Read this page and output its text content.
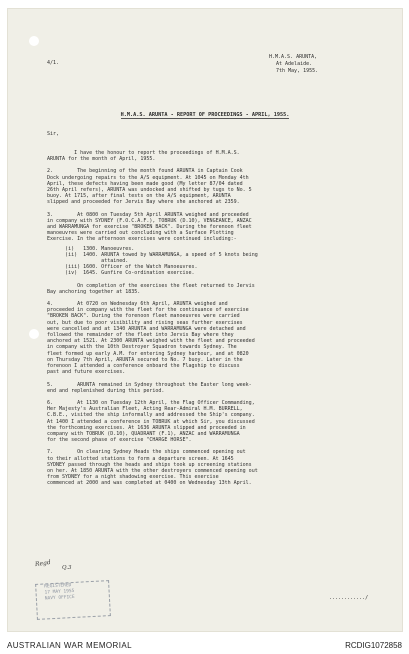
4/1.
H.M.A.S. ARUNTA,
At Adelaide.
7th May, 1955.
H.M.A.S. ARUNTA - REPORT OF PROCEEDINGS - APRIL, 1955.
Sir,
I have the honour to report the proceedings of H.M.A.S.
ARUNTA for the month of April, 1955.
2.        The beginning of the month found ARUNTA in Captain Cook
Dock undergoing repairs to the A/S equipment. At 1045 on Monday 4th
April, these defects having been made good (My letter 87/04 dated
26th April refers), ARUNTA was undocked and shifted by tugs to No. 5
buoy. At 1715, after final tests on the A/S equipment, ARUNTA
slipped and proceeded for Jervis Bay where she anchored at 2359.
3.        At 0800 on Tuesday 5th April ARUNTA weighed and proceeded
in company with SYDNEY (F.O.C.A.F.), TOBRUK (D.10), VENGEANCE, ANZAC
and WARRAMUNGA for exercise "BROKEN BACK". During the forenoon fleet
manoeuvres were carried out concluding with a Surface Plotting
Exercise. In the afternoon exercises were continued including:-
(i)   1300. Manoeuvres.
(ii)  1400. ARUNTA towed by WARRAMUNGA, a speed of 5 knots being
attained.
(iii) 1600. Officer of the Watch Manoeuvres.
(iv)  1645. Gunfire Co-ordination exercise.
On completion of the exercises the fleet returned to Jervis
Bay anchoring together at 1835.
4.        At 0720 on Wednesday 6th April, ARUNTA weighed and
proceeded in company with the fleet for the continuance of exercise
"BROKEN BACK". During the forenoon fleet manoeuvres were carried
out, but due to poor visibility and rising seas further exercises
were cancelled and at 1340 ARUNTA and WARRAMUNGA were detached and
followed the remainder of the fleet into Jervis Bay where they
anchored at 1521. At 2300 ARUNTA weighed with the fleet and proceeded
in company with the 10th Destroyer Squadron towards Sydney. The
fleet formed up early A.M. for entering Sydney harbour, and at 0820
on Thursday 7th April, ARUNTA secured to No. 7 buoy. Later in the
forenoon I attended a conference onboard the Flagship to discuss
past and future exercises.
5.        ARUNTA remained in Sydney throughout the Easter long week-
end and replenished during this period.
6.        At 1130 on Tuesday 12th April, the Flag Officer Commanding,
Her Majesty's Australian Fleet, Acting Rear-Admiral H.M. BURRELL,
C.B.E., visited the ship informally and addressed the Ship's company.
At 1400 I attended a conference in TOBRUK at which Sir, you discussed
the forthcoming exercises. At 1636 ARUNTA slipped and proceeded in
company with TOBRUK (D.10), QUADRANT (F.1), ANZAC and WARRAMUNGA
for the second phase of exercise "CHARGE HORSE".
7.        On clearing Sydney Heads the ships commenced opening out
to their allotted stations to form a departure screen. At 1645
SYDNEY passed through the heads and ships took up screening stations
on her. At 1850 ARUNTA with the other destroyers commenced opening out
from SYDNEY for a night shadowing exercise. This exercise
commenced at 2000 and was completed at 0400 on Wednesday 13th April.
............/
Regd Q.3
REGISTERED
17 MAY 1955
NAVY OFFICE
AUSTRALIAN WAR MEMORIAL	RCDIG1072858
